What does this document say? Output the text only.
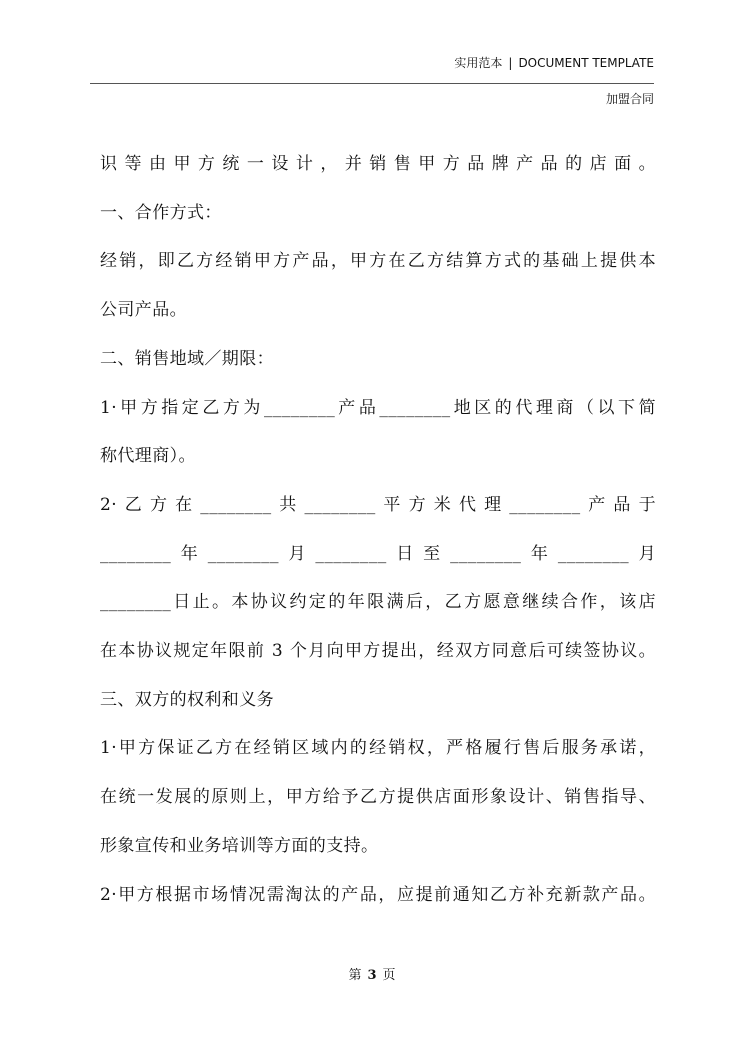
实用范本 | DOCUMENT TEMPLATE
加盟合同

识等由甲方统一设计，并销售甲方品牌产品的店面。

一、合作方式：

经销，即乙方经销甲方产品，甲方在乙方结算方式的基础上提供本

公司产品。

二、销售地域／期限：

1·甲方指定乙方为________产品________地区的代理商（以下简

称代理商）。

2·乙方在________共________平方米代理________产品于

________年________月________日至________年________月

________日止。本协议约定的年限满后，乙方愿意继续合作，该店

在本协议规定年限前 3 个月向甲方提出，经双方同意后可续签协议。

三、双方的权利和义务

1·甲方保证乙方在经销区域内的经销权，严格履行售后服务承诺，

在统一发展的原则上，甲方给予乙方提供店面形象设计、销售指导、

形象宣传和业务培训等方面的支持。

2·甲方根据市场情况需淘汰的产品，应提前通知乙方补充新款产品。

第 3 页
